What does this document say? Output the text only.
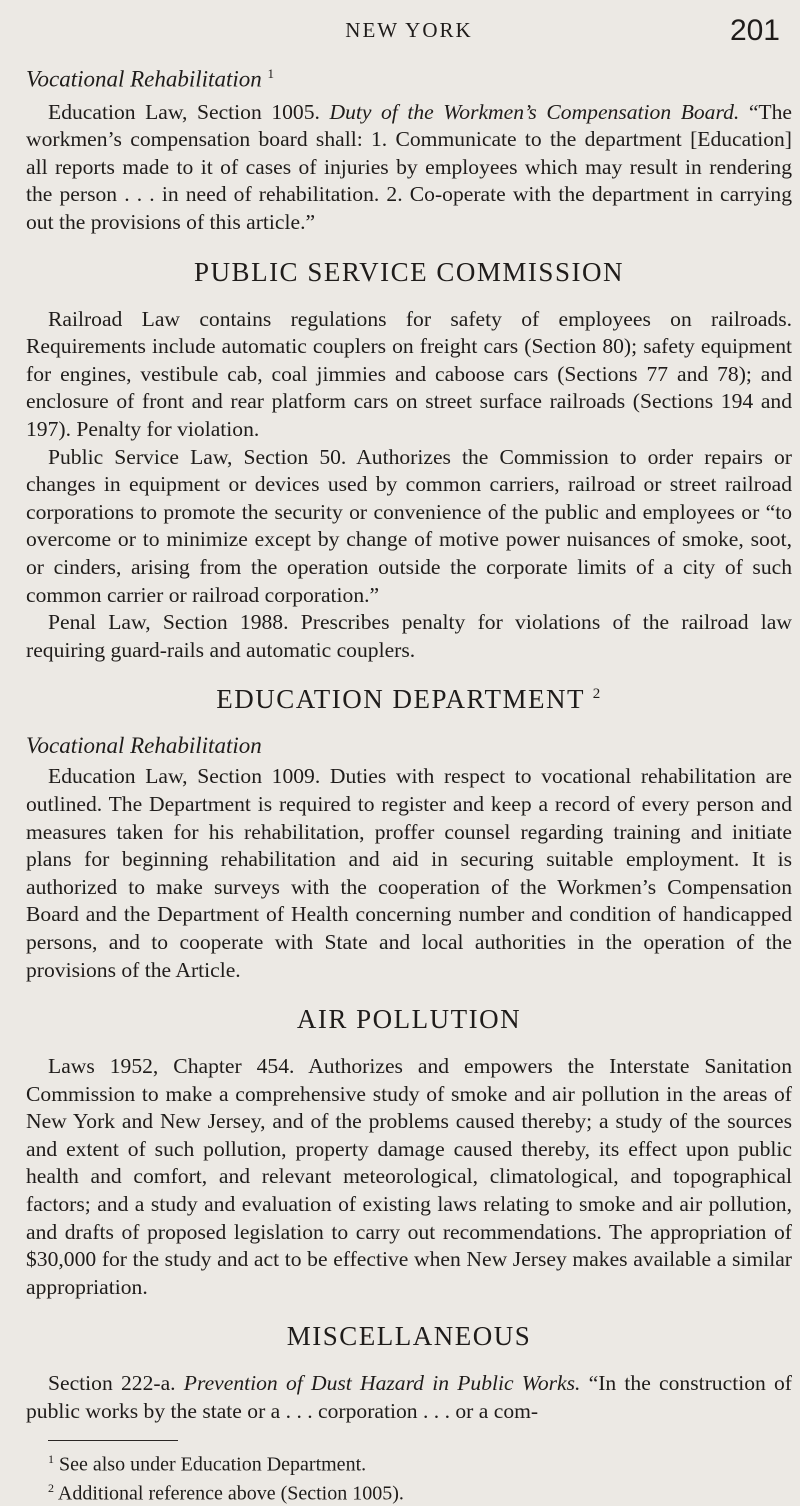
NEW YORK	201
Vocational Rehabilitation $^1$

Education Law, Section 1005. Duty of the Workmen’s Compensation Board. “The workmen’s compensation board shall: 1. Communicate to the department [Education] all reports made to it of cases of injuries by employees which may result in rendering the person . . . in need of rehabilitation. 2. Co-operate with the department in carrying out the provisions of this article.”

PUBLIC SERVICE COMMISSION

Railroad Law contains regulations for safety of employees on railroads. Requirements include automatic couplers on freight cars (Section 80); safety equipment for engines, vestibule cab, coal jimmies and caboose cars (Sections 77 and 78); and enclosure of front and rear platform cars on street surface railroads (Sections 194 and 197). Penalty for violation.

Public Service Law, Section 50. Authorizes the Commission to order repairs or changes in equipment or devices used by common carriers, railroad or street railroad corporations to promote the security or convenience of the public and employees or “to overcome or to minimize except by change of motive power nuisances of smoke, soot, or cinders, arising from the operation outside the corporate limits of a city of such common carrier or railroad corporation.”

Penal Law, Section 1988. Prescribes penalty for violations of the railroad law requiring guard-rails and automatic couplers.

EDUCATION DEPARTMENT $^2$
Vocational Rehabilitation

Education Law, Section 1009. Duties with respect to vocational rehabilitation are outlined. The Department is required to register and keep a record of every person and measures taken for his rehabilitation, proffer counsel regarding training and initiate plans for beginning rehabilitation and aid in securing suitable employment. It is authorized to make surveys with the cooperation of the Workmen’s Compensation Board and the Department of Health concerning number and condition of handicapped persons, and to cooperate with State and local authorities in the operation of the provisions of the Article.

AIR POLLUTION

Laws 1952, Chapter 454. Authorizes and empowers the Interstate Sanitation Commission to make a comprehensive study of smoke and air pollution in the areas of New York and New Jersey, and of the problems caused thereby; a study of the sources and extent of such pollution, property damage caused thereby, its effect upon public health and comfort, and relevant meteorological, climatological, and topographical factors; and a study and evaluation of existing laws relating to smoke and air pollution, and drafts of proposed legislation to carry out recommendations. The appropriation of $30,000 for the study and act to be effective when New Jersey makes available a similar appropriation.

MISCELLANEOUS

Section 222-a. Prevention of Dust Hazard in Public Works. “In the construction of public works by the state or a . . . corporation . . . or a com-

$^1$ See also under Education Department.
$^2$ Additional reference above (Section 1005).
